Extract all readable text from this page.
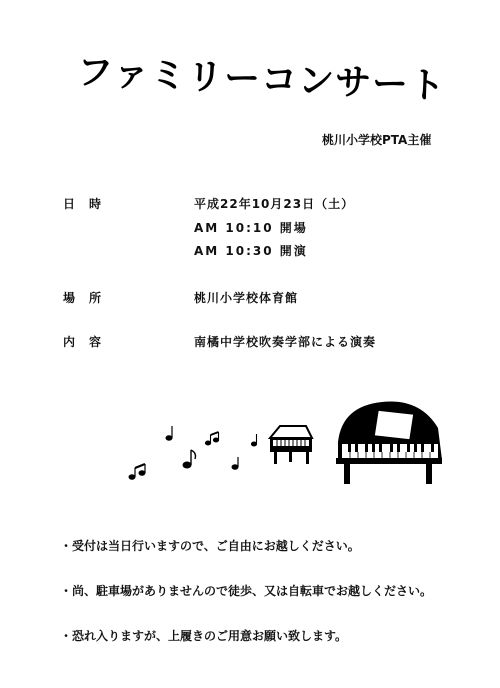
ファミリーコンサート
桃川小学校PTA主催
日時	平成22年10月23日（土）
AM 10:10 開場
AM 10:30 開演
場所	桃川小学校体育館
内容	南橘中学校吹奏学部による演奏
・受付は当日行いますので、ご自由にお越しください。
・尚、駐車場がありませんので徒歩、又は自転車でお越しください。
・恐れ入りますが、上履きのご用意お願い致します。
